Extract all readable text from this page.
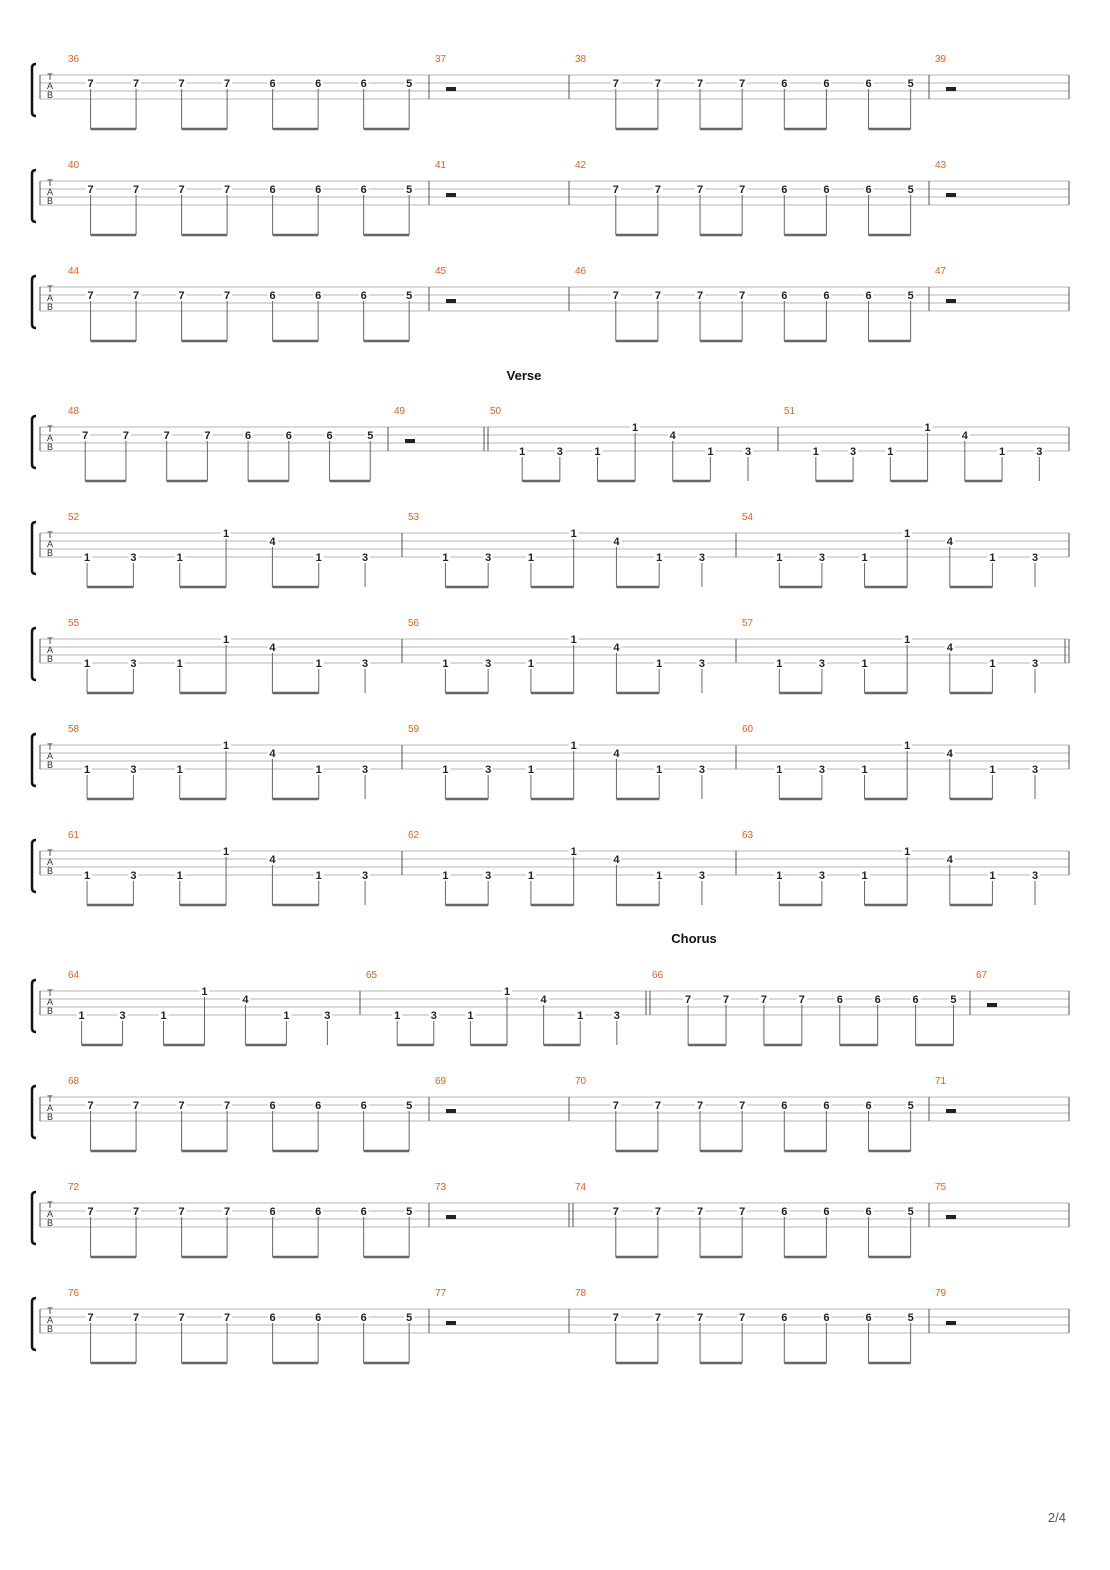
T
A
B
36
7	7	7	7	6	6	6	5
37	38
7	7	7	7	6	6	6	5
39
T
A
B
40
7	7	7	7	6	6	6	5
41	42
7	7	7	7	6	6	6	5
43
T
A
B
44
7	7	7	7	6	6	6	5
45	46
7	7	7	7	6	6	6	5
47
Verse
T
A
B
48
7	7	7	7	6	6	6	5
49	50
1	3	1
1
4
1	3
51
1	3	1
1
4
1	3
T
A
B
52
1	3	1
1
4
1	3
53
1	3	1
1
4
1	3
54
1	3	1
1
4
1	3
T
A
B
55
1	3	1
1
4
1	3
56
1	3	1
1
4
1	3
57
1	3	1
1
4
1	3
T
A
B
58
1	3	1
1
4
1	3
59
1	3	1
1
4
1	3
60
1	3	1
1
4
1	3
T
A
B
61
1	3	1
1
4
1	3
62
1	3	1
1
4
1	3
63
1	3	1
1
4
1	3
Chorus
T
A
B
64
1	3	1
1
4
1	3
65
1	3	1
1
4
1	3
66
7	7	7	7	6	6	6	5
67
T
A
B
68
7	7	7	7	6	6	6	5
69	70
7	7	7	7	6	6	6	5
71
T
A
B
72
7	7	7	7	6	6	6	5
73	74
7	7	7	7	6	6	6	5
75
T
A
B
76
7	7	7	7	6	6	6	5
77	78
7	7	7	7	6	6	6	5
79
2/4
